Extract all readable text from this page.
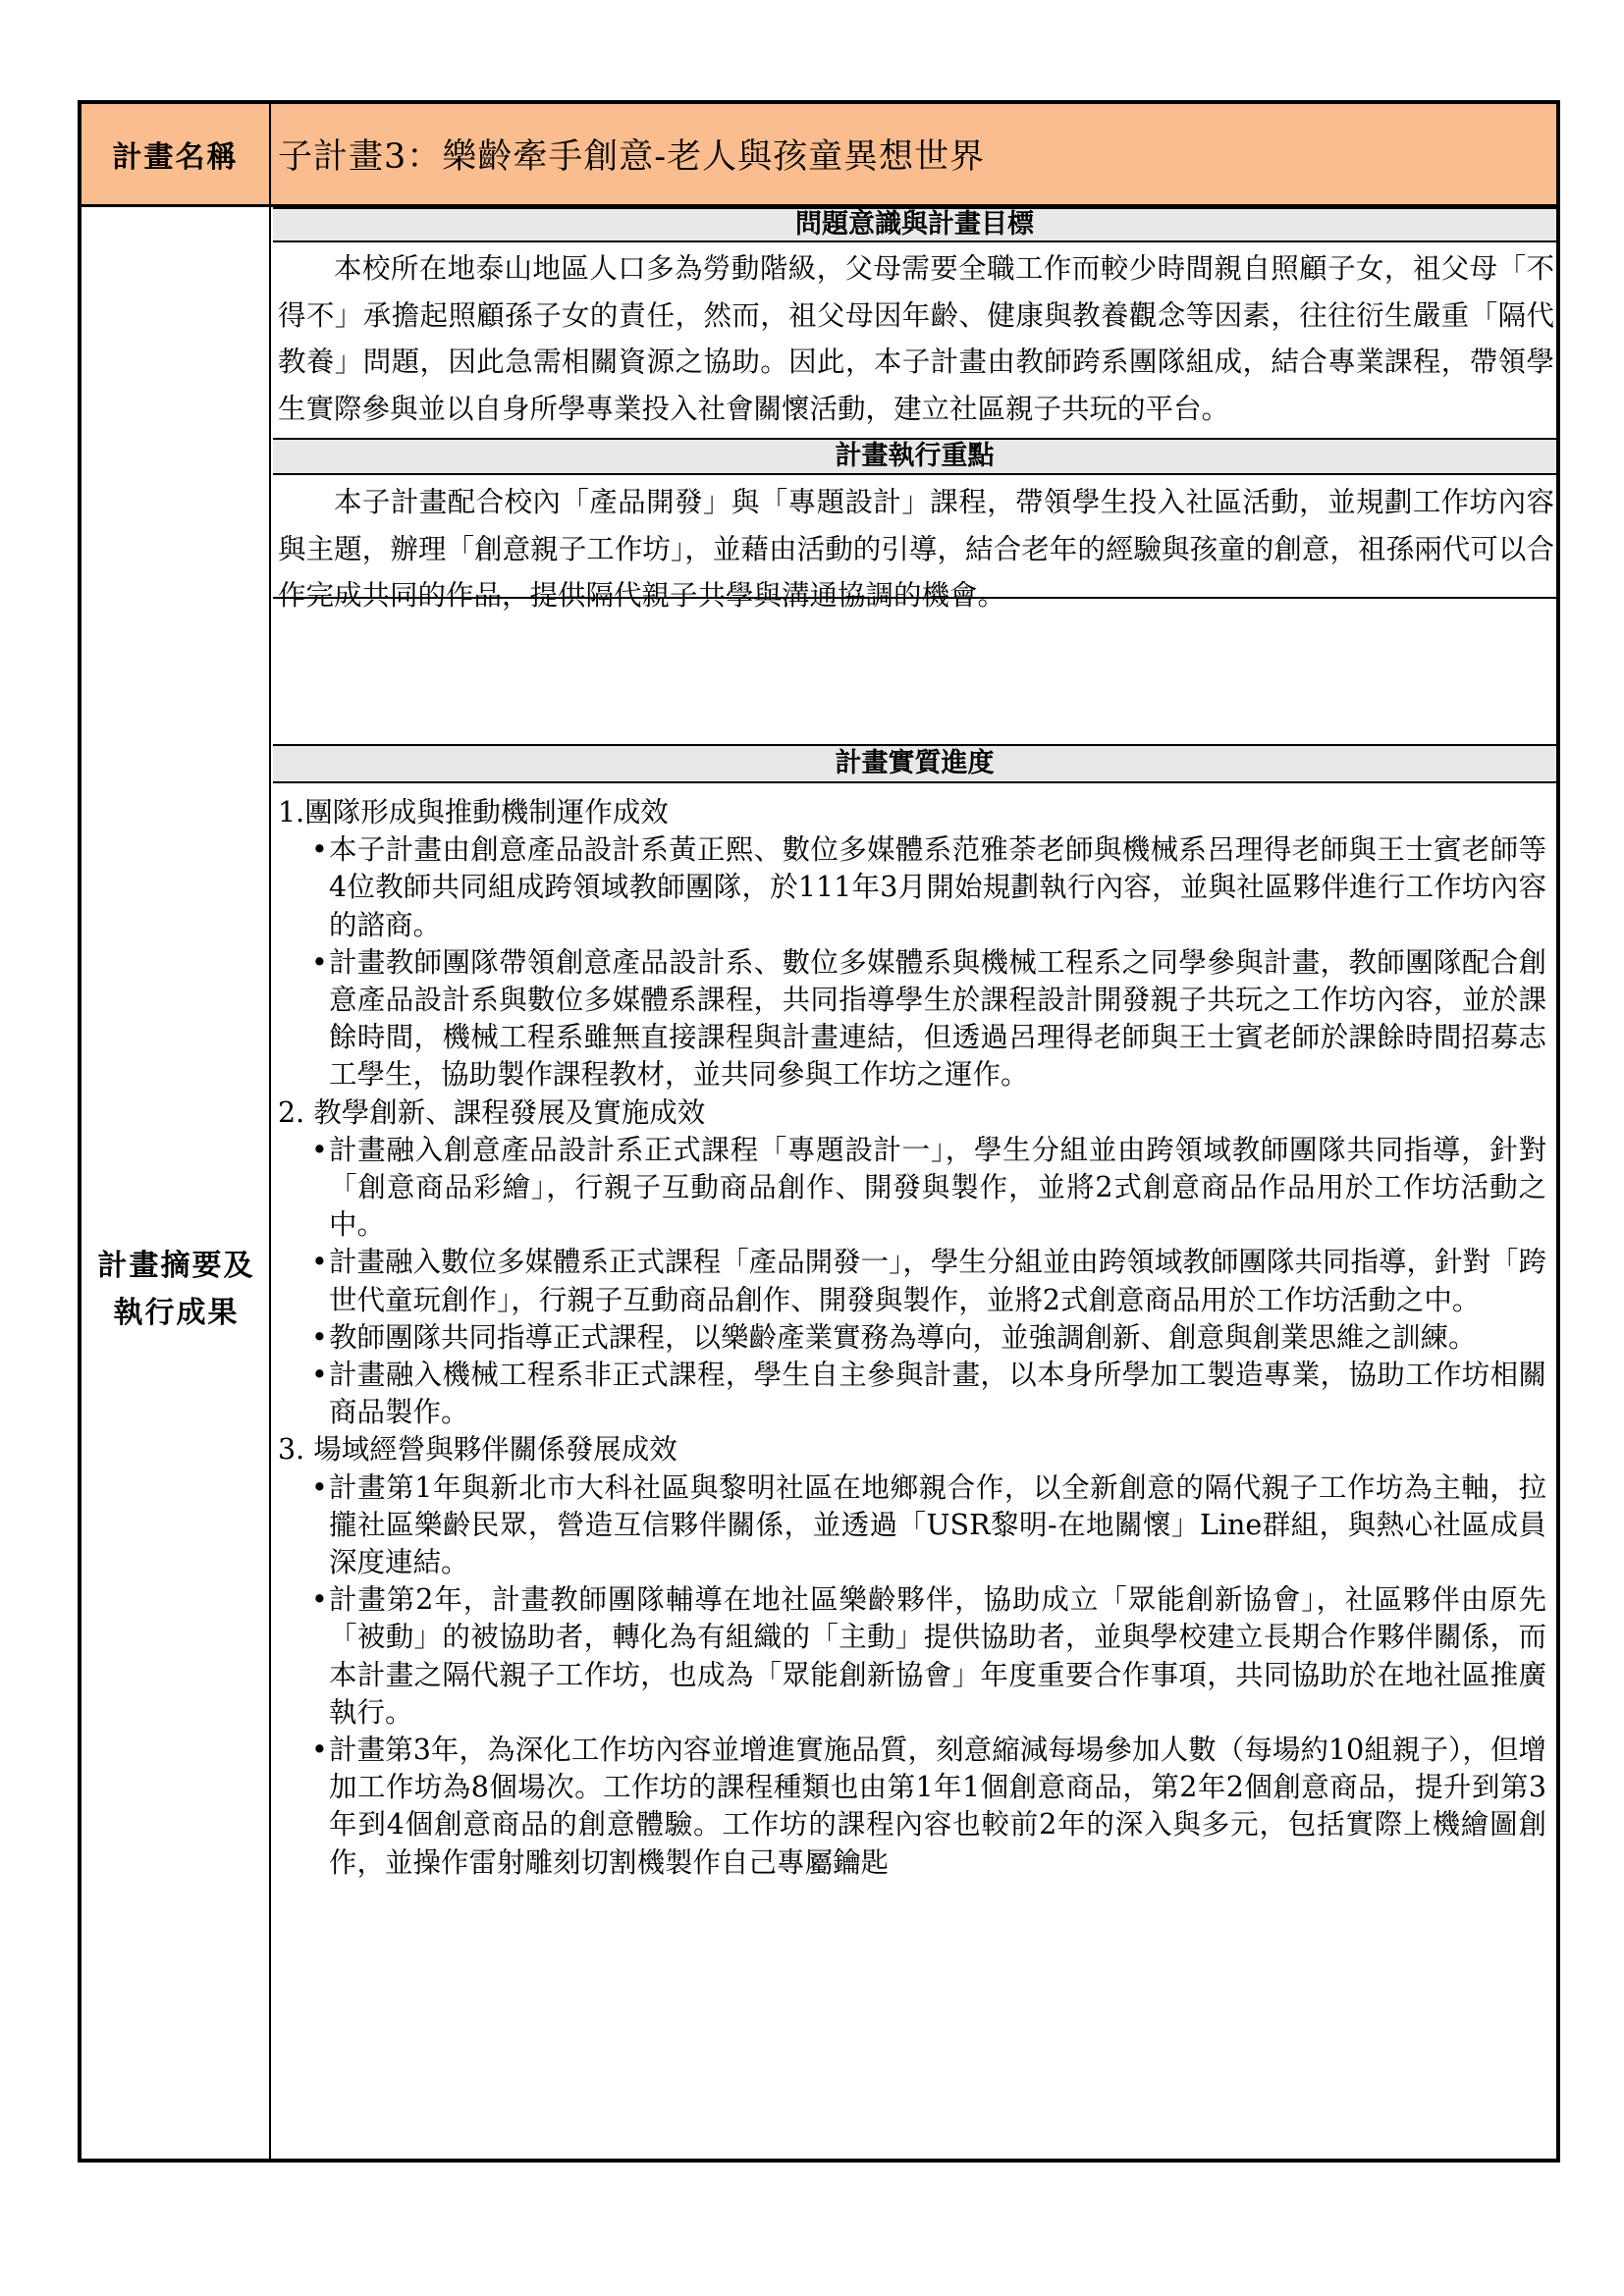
計畫名稱	子計畫3：樂齡牽手創意-老人與孩童異想世界
計畫摘要及
執行成果
問題意識與計畫目標

本校所在地泰山地區人口多為勞動階級，父母需要全職工作而較少時間親自照顧子女，祖父母「不得不」承擔起照顧孫子女的責任，然而，祖父母因年齡、健康與教養觀念等因素，往往衍生嚴重「隔代教養」問題，因此急需相關資源之協助。因此，本子計畫由教師跨系團隊組成，結合專業課程，帶領學生實際參與並以自身所學專業投入社會關懷活動，建立社區親子共玩的平台。

計畫執行重點

本子計畫配合校內「產品開發」與「專題設計」課程，帶領學生投入社區活動，並規劃工作坊內容與主題，辦理「創意親子工作坊」，並藉由活動的引導，結合老年的經驗與孩童的創意，祖孫兩代可以合作完成共同的作品，提供隔代親子共學與溝通協調的機會。

計畫實質進度

1.團隊形成與推動機制運作成效

• 本子計畫由創意產品設計系黃正熙、數位多媒體系范雅荼老師與機械系呂理得老師與王士賓老師等4位教師共同組成跨領域教師團隊，於111年3月開始規劃執行內容，並與社區夥伴進行工作坊內容的諮商。

• 計畫教師團隊帶領創意產品設計系、數位多媒體系與機械工程系之同學參與計畫，教師團隊配合創意產品設計系與數位多媒體系課程，共同指導學生於課程設計開發親子共玩之工作坊內容，並於課餘時間，機械工程系雖無直接課程與計畫連結，但透過呂理得老師與王士賓老師於課餘時間招募志工學生，協助製作課程教材，並共同參與工作坊之運作。

2. 教學創新、課程發展及實施成效

• 計畫融入創意產品設計系正式課程「專題設計一」，學生分組並由跨領域教師團隊共同指導，針對「創意商品彩繪」，行親子互動商品創作、開發與製作，並將2式創意商品作品用於工作坊活動之中。

• 計畫融入數位多媒體系正式課程「產品開發一」，學生分組並由跨領域教師團隊共同指導，針對「跨世代童玩創作」，行親子互動商品創作、開發與製作，並將2式創意商品用於工作坊活動之中。

• 教師團隊共同指導正式課程，以樂齡產業實務為導向，並強調創新、創意與創業思維之訓練。

• 計畫融入機械工程系非正式課程，學生自主參與計畫，以本身所學加工製造專業，協助工作坊相關商品製作。

3. 場域經營與夥伴關係發展成效

• 計畫第1年與新北市大科社區與黎明社區在地鄉親合作，以全新創意的隔代親子工作坊為主軸，拉攏社區樂齡民眾，營造互信夥伴關係，並透過「USR黎明-在地關懷」Line群組，與熱心社區成員深度連結。

• 計畫第2年，計畫教師團隊輔導在地社區樂齡夥伴，協助成立「眾能創新協會」，社區夥伴由原先「被動」的被協助者，轉化為有組織的「主動」提供協助者，並與學校建立長期合作夥伴關係，而本計畫之隔代親子工作坊，也成為「眾能創新協會」年度重要合作事項，共同協助於在地社區推廣執行。

• 計畫第3年，為深化工作坊內容並增進實施品質，刻意縮減每場參加人數（每場約10組親子），但增加工作坊為8個場次。工作坊的課程種類也由第1年1個創意商品，第2年2個創意商品，提升到第3年到4個創意商品的創意體驗。工作坊的課程內容也較前2年的深入與多元，包括實際上機繪圖創作，並操作雷射雕刻切割機製作自己專屬鑰匙
